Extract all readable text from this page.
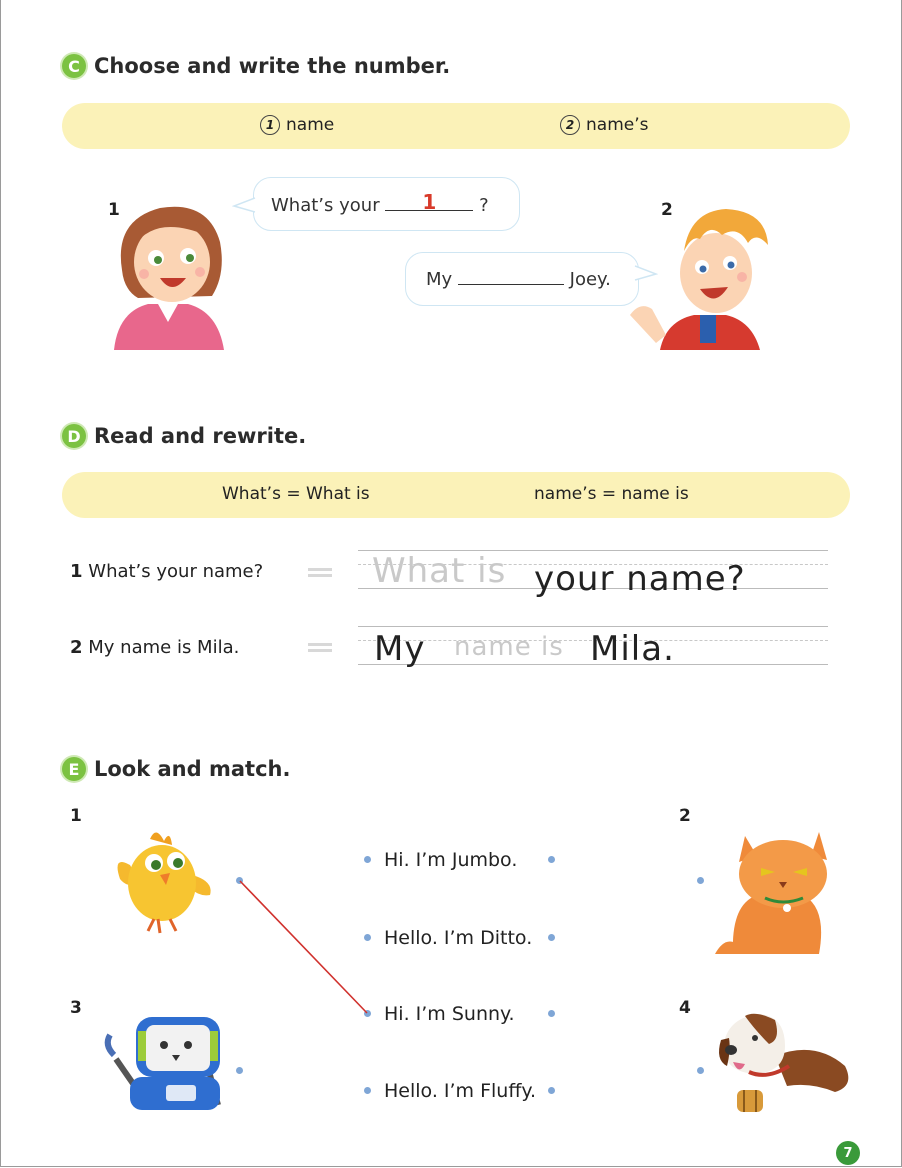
C Choose and write the number.
1 name	2 name’s
1	2
What’s your	1	?
My	Joey.
D Read and rewrite.
What’s = What is	name’s = name is
1 What’s your name?	What is your name?
2 My name is Mila.	My name is Mila.
E Look and match.
1	2
3	4
Hi. I’m Jumbo.
Hello. I’m Ditto.
Hi. I’m Sunny.
Hello. I’m Fluffy.
7
